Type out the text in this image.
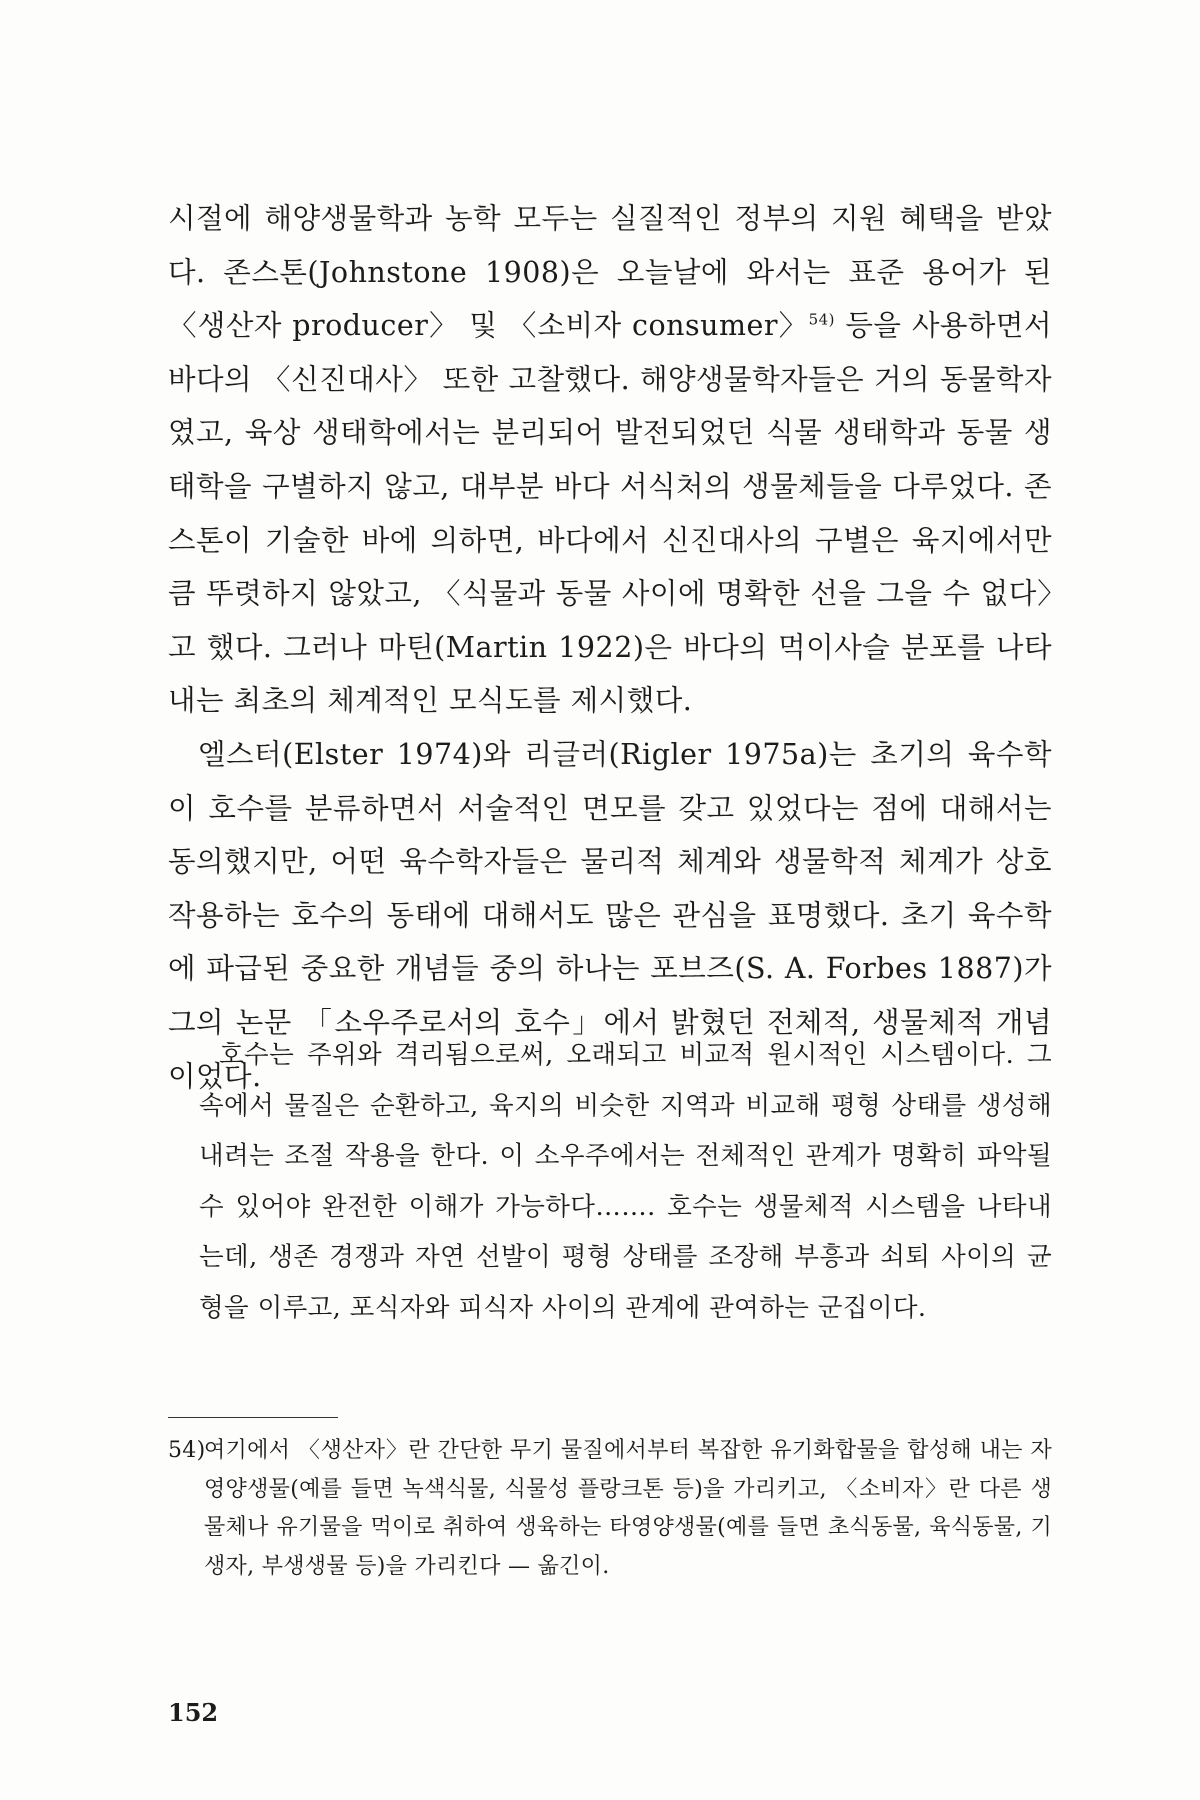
시절에 해양생물학과 농학 모두는 실질적인 정부의 지원 혜택을 받았다. 존스톤(Johnstone 1908)은 오늘날에 와서는 표준 용어가 된 〈생산자 producer〉 및 〈소비자 consumer〉$^{54)}$ 등을 사용하면서 바다의 〈신진대사〉 또한 고찰했다. 해양생물학자들은 거의 동물학자였고, 육상 생태학에서는 분리되어 발전되었던 식물 생태학과 동물 생태학을 구별하지 않고, 대부분 바다 서식처의 생물체들을 다루었다. 존스톤이 기술한 바에 의하면, 바다에서 신진대사의 구별은 육지에서만큼 뚜렷하지 않았고, 〈식물과 동물 사이에 명확한 선을 그을 수 없다〉고 했다. 그러나 마틴(Martin 1922)은 바다의 먹이사슬 분포를 나타내는 최초의 체계적인 모식도를 제시했다.

엘스터(Elster 1974)와 리글러(Rigler 1975a)는 초기의 육수학이 호수를 분류하면서 서술적인 면모를 갖고 있었다는 점에 대해서는 동의했지만, 어떤 육수학자들은 물리적 체계와 생물학적 체계가 상호 작용하는 호수의 동태에 대해서도 많은 관심을 표명했다. 초기 육수학에 파급된 중요한 개념들 중의 하나는 포브즈(S. A. Forbes 1887)가 그의 논문 「소우주로서의 호수」에서 밝혔던 전체적, 생물체적 개념이었다.

호수는 주위와 격리됨으로써, 오래되고 비교적 원시적인 시스템이다. 그 속에서 물질은 순환하고, 육지의 비슷한 지역과 비교해 평형 상태를 생성해 내려는 조절 작용을 한다. 이 소우주에서는 전체적인 관계가 명확히 파악될 수 있어야 완전한 이해가 가능하다……. 호수는 생물체적 시스템을 나타내는데, 생존 경쟁과 자연 선발이 평형 상태를 조장해 부흥과 쇠퇴 사이의 균형을 이루고, 포식자와 피식자 사이의 관계에 관여하는 군집이다.

54)
여기에서 〈생산자〉란 간단한 무기 물질에서부터 복잡한 유기화합물을 합성해 내는 자영양생물(예를 들면 녹색식물, 식물성 플랑크톤 등)을 가리키고, 〈소비자〉란 다른 생물체나 유기물을 먹이로 취하여 생육하는 타영양생물(예를 들면 초식동물, 육식동물, 기생자, 부생생물 등)을 가리킨다 — 옮긴이.
152
